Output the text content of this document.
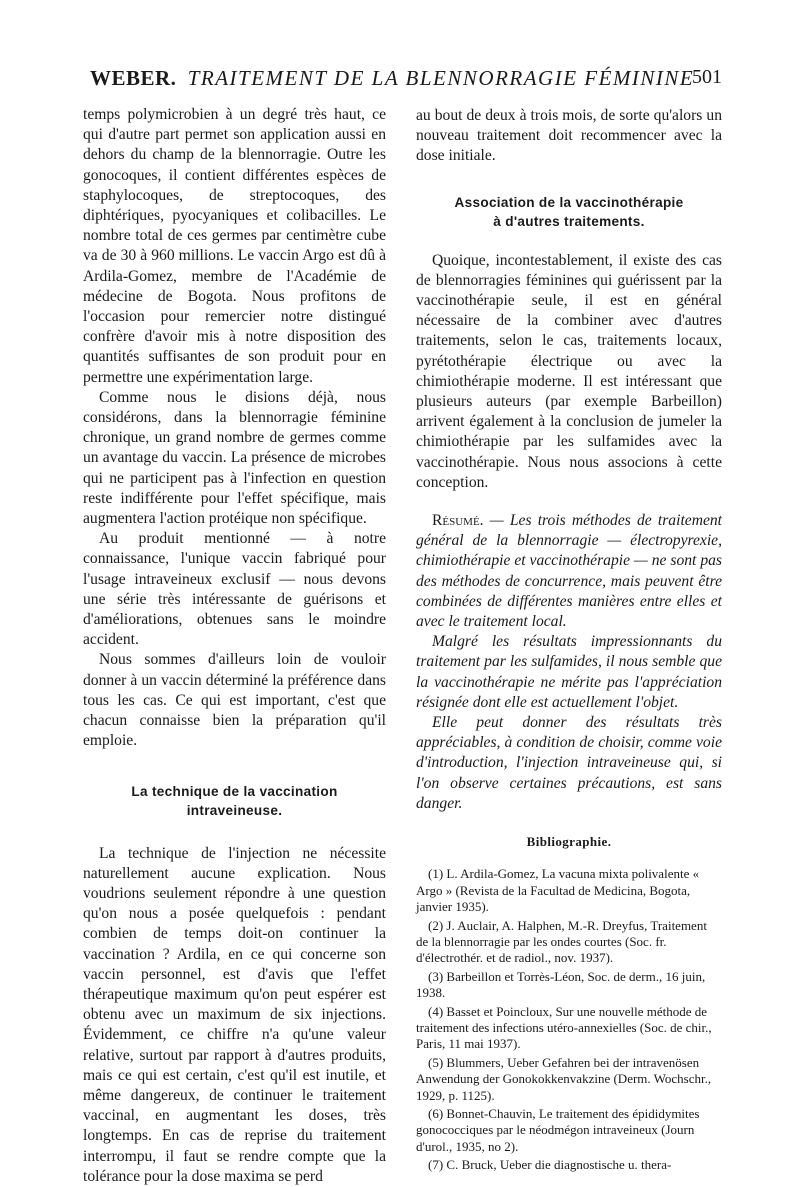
WEBER. TRAITEMENT DE LA BLENNORRAGIE FÉMININE
501

temps polymicrobien à un degré très haut, ce qui d'autre part permet son application aussi en dehors du champ de la blennorragie. Outre les gonocoques, il contient différentes espèces de staphylocoques, de streptocoques, des diphtériques, pyocyaniques et colibacilles. Le nombre total de ces germes par centimètre cube va de 30 à 960 millions. Le vaccin Argo est dû à Ardila-Gomez, membre de l'Académie de médecine de Bogota. Nous profitons de l'occasion pour remercier notre distingué confrère d'avoir mis à notre disposition des quantités suffisantes de son produit pour en permettre une expérimentation large.

Comme nous le disions déjà, nous considérons, dans la blennorragie féminine chronique, un grand nombre de germes comme un avantage du vaccin. La présence de microbes qui ne participent pas à l'infection en question reste indifférente pour l'effet spécifique, mais augmentera l'action protéique non spécifique.

Au produit mentionné — à notre connaissance, l'unique vaccin fabriqué pour l'usage intraveineux exclusif — nous devons une série très intéressante de guérisons et d'améliorations, obtenues sans le moindre accident.

Nous sommes d'ailleurs loin de vouloir donner à un vaccin déterminé la préférence dans tous les cas. Ce qui est important, c'est que chacun connaisse bien la préparation qu'il emploie.

La technique de la vaccination
intraveineuse.

La technique de l'injection ne nécessite naturellement aucune explication. Nous voudrions seulement répondre à une question qu'on nous a posée quelquefois : pendant combien de temps doit-on continuer la vaccination ? Ardila, en ce qui concerne son vaccin personnel, est d'avis que l'effet thérapeutique maximum qu'on peut espérer est obtenu avec un maximum de six injections. Évidemment, ce chiffre n'a qu'une valeur relative, surtout par rapport à d'autres produits, mais ce qui est certain, c'est qu'il est inutile, et même dangereux, de continuer le traitement vaccinal, en augmentant les doses, très longtemps. En cas de reprise du traitement interrompu, il faut se rendre compte que la tolérance pour la dose maxima se perd

au bout de deux à trois mois, de sorte qu'alors un nouveau traitement doit recommencer avec la dose initiale.

Association de la vaccinothérapie
à d'autres traitements.

Quoique, incontestablement, il existe des cas de blennorragies féminines qui guérissent par la vaccinothérapie seule, il est en général nécessaire de la combiner avec d'autres traitements, selon le cas, traitements locaux, pyrétothérapie électrique ou avec la chimiothérapie moderne. Il est intéressant que plusieurs auteurs (par exemple Barbeillon) arrivent également à la conclusion de jumeler la chimiothérapie par les sulfamides avec la vaccinothérapie. Nous nous associons à cette conception.

Résumé. — Les trois méthodes de traitement général de la blennorragie — électropyrexie, chimiothérapie et vaccinothérapie — ne sont pas des méthodes de concurrence, mais peuvent être combinées de différentes manières entre elles et avec le traitement local.

Malgré les résultats impressionnants du traitement par les sulfamides, il nous semble que la vaccinothérapie ne mérite pas l'appréciation résignée dont elle est actuellement l'objet.

Elle peut donner des résultats très appréciables, à condition de choisir, comme voie d'introduction, l'injection intraveineuse qui, si l'on observe certaines précautions, est sans danger.

Bibliographie.

(1) L. Ardila-Gomez, La vacuna mixta polivalente « Argo » (Revista de la Facultad de Medicina, Bogota, janvier 1935).

(2) J. Auclair, A. Halphen, M.-R. Dreyfus, Traitement de la blennorragie par les ondes courtes (Soc. fr. d'électrothér. et de radiol., nov. 1937).

(3) Barbeillon et Torrès-Léon, Soc. de derm., 16 juin, 1938.

(4) Basset et Poincloux, Sur une nouvelle méthode de traitement des infections utéro-annexielles (Soc. de chir., Paris, 11 mai 1937).

(5) Blummers, Ueber Gefahren bei der intravenösen Anwendung der Gonokokkenvakzine (Derm. Wochschr., 1929, p. 1125).

(6) Bonnet-Chauvin, Le traitement des épididymites gonococciques par le néodmégon intraveineux (Journ d'urol., 1935, no 2).

(7) C. Bruck, Ueber die diagnostische u. thera-
